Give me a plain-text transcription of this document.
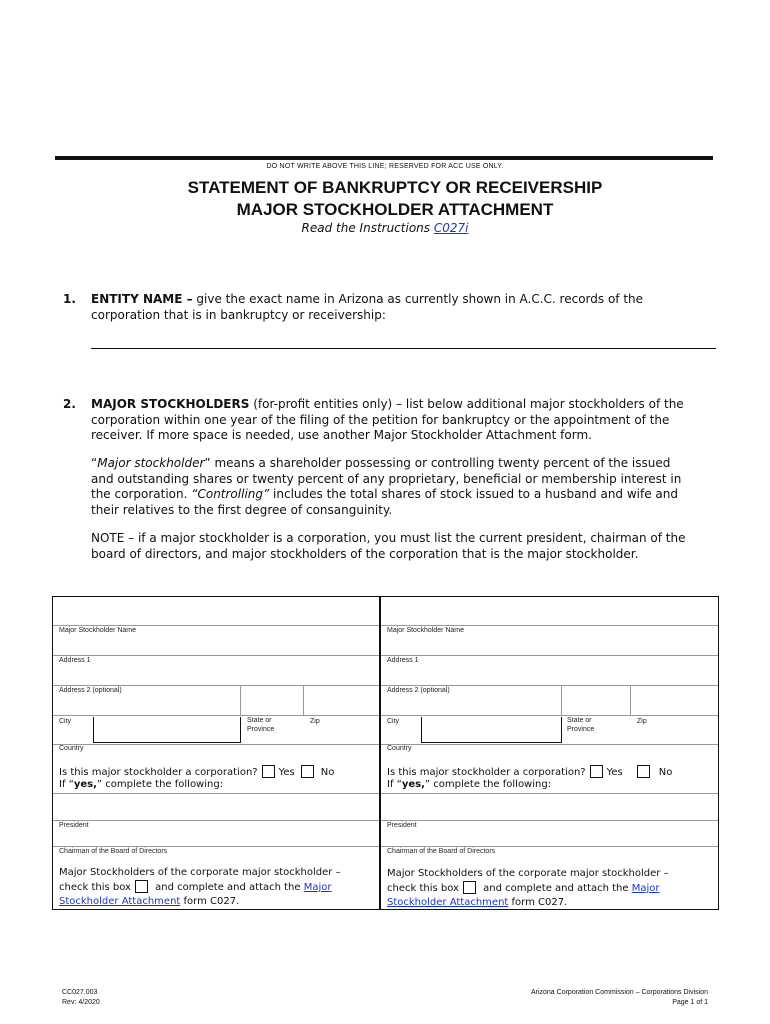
DO NOT WRITE ABOVE THIS LINE; RESERVED FOR ACC USE ONLY.
STATEMENT OF BANKRUPTCY OR RECEIVERSHIP
MAJOR STOCKHOLDER ATTACHMENT
Read the Instructions C027i
1. ENTITY NAME – give the exact name in Arizona as currently shown in A.C.C. records of the
corporation that is in bankruptcy or receivership:
2. MAJOR STOCKHOLDERS (for-profit entities only) – list below additional major stockholders of the
corporation within one year of the filing of the petition for bankruptcy or the appointment of the
receiver. If more space is needed, use another Major Stockholder Attachment form.
“Major stockholder” means a shareholder possessing or controlling twenty percent of the issued
and outstanding shares or twenty percent of any proprietary, beneficial or membership interest in
the corporation. “Controlling” includes the total shares of stock issued to a husband and wife and
their relatives to the first degree of consanguinity.
NOTE – if a major stockholder is a corporation, you must list the current president, chairman of the
board of directors, and major stockholders of the corporation that is the major stockholder.
Major Stockholder Name
Address 1
Address 2 (optional)
City	State or
Province
Zip
Country
Is this major stockholder a corporation? Yes	No
If “yes,” complete the following:
President
Chairman of the Board of Directors
Major Stockholders of the corporate major stockholder –
check this box and complete and attach the Major
Stockholder Attachment form C027.
Major Stockholder Name
Address 1
Address 2 (optional)
City	State or
Province
Zip
Country
Is this major stockholder a corporation? Yes	No
If “yes,” complete the following:
President
Chairman of the Board of Directors
Major Stockholders of the corporate major stockholder –
check this box and complete and attach the Major
Stockholder Attachment form C027.
CC027.003
Rev: 4/2020
Arizona Corporation Commission – Corporations Division
Page 1 of 1
